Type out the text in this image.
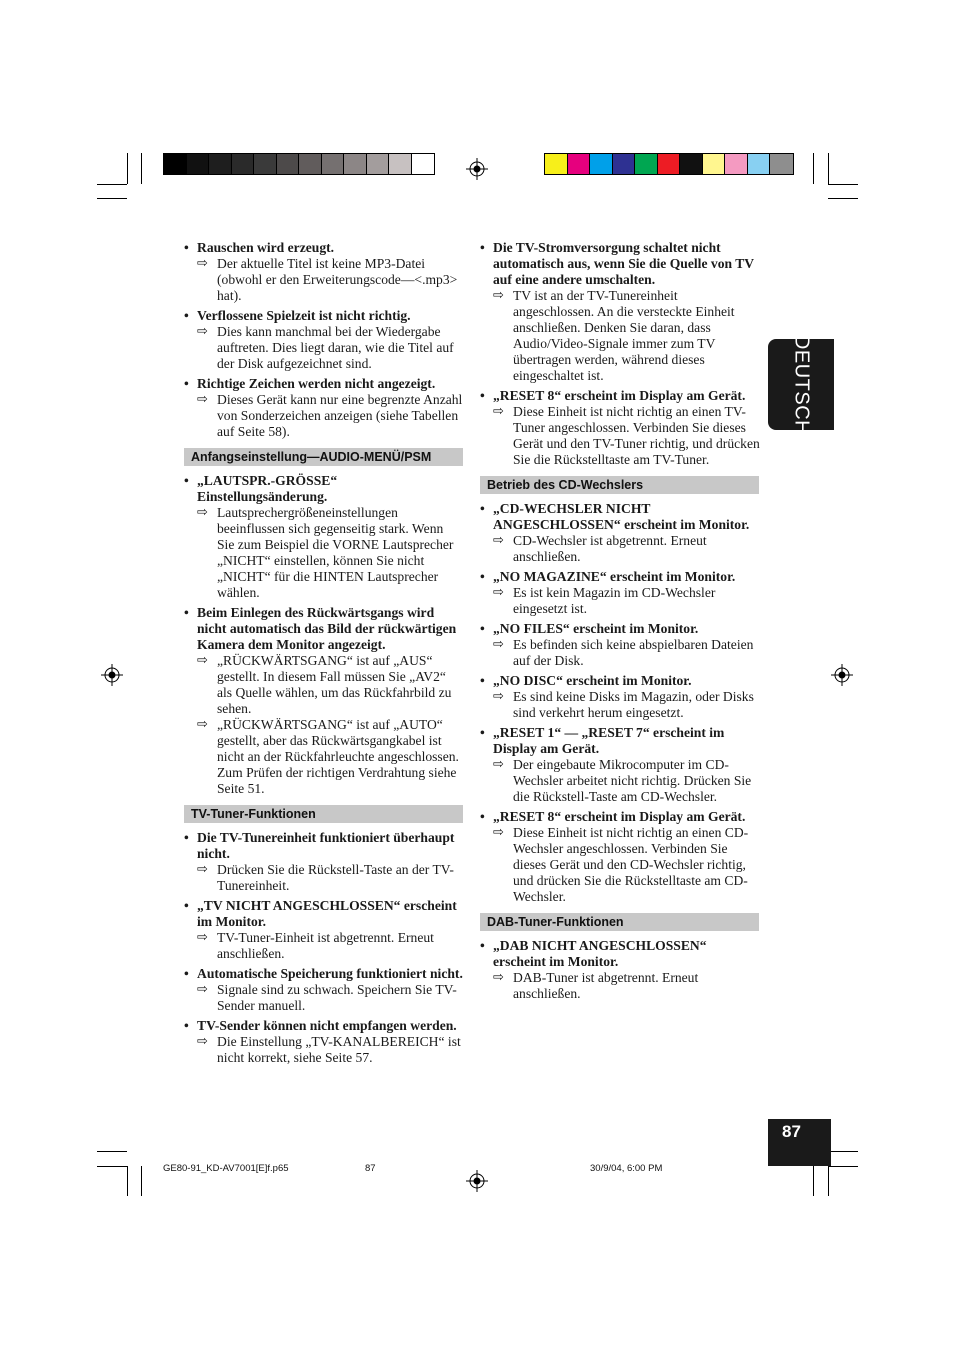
• Rauschen wird erzeugt.
⇨ Der aktuelle Titel ist keine MP3-Datei (obwohl er den Erweiterungscode—<.mp3> hat).
• Verflossene Spielzeit ist nicht richtig.
⇨ Dies kann manchmal bei der Wiedergabe auftreten. Dies liegt daran, wie die Titel auf der Disk aufgezeichnet sind.
• Richtige Zeichen werden nicht angezeigt.
⇨ Dieses Gerät kann nur eine begrenzte Anzahl von Sonderzeichen anzeigen (siehe Tabellen auf Seite 58).
Anfangseinstellung—AUDIO-MENÜ/PSM
• „LAUTSPR.-GRÖSSE“ Einstellungsänderung.
⇨ Lautsprechergrößeneinstellungen beeinflussen sich gegenseitig stark. Wenn Sie zum Beispiel die VORNE Lautsprecher „NICHT“ einstellen, können Sie nicht „NICHT“ für die HINTEN Lautsprecher wählen.
• Beim Einlegen des Rückwärtsgangs wird nicht automatisch das Bild der rückwärtigen Kamera dem Monitor angezeigt.
⇨ „RÜCKWÄRTSGANG“ ist auf „AUS“ gestellt. In diesem Fall müssen Sie „AV2“ als Quelle wählen, um das Rückfahrbild zu sehen.
⇨ „RÜCKWÄRTSGANG“ ist auf „AUTO“ gestellt, aber das Rückwärtsgangkabel ist nicht an der Rückfahrleuchte angeschlossen. Zum Prüfen der richtigen Verdrahtung siehe Seite 51.
TV-Tuner-Funktionen
• Die TV-Tunereinheit funktioniert überhaupt nicht.
⇨ Drücken Sie die Rückstell-Taste an der TV-Tunereinheit.
• „TV NICHT ANGESCHLOSSEN“ erscheint im Monitor.
⇨ TV-Tuner-Einheit ist abgetrennt. Erneut anschließen.
• Automatische Speicherung funktioniert nicht.
⇨ Signale sind zu schwach. Speichern Sie TV-Sender manuell.
• TV-Sender können nicht empfangen werden.
⇨ Die Einstellung „TV-KANALBEREICH“ ist nicht korrekt, siehe Seite 57.
• Die TV-Stromversorgung schaltet nicht automatisch aus, wenn Sie die Quelle von TV auf eine andere umschalten.
⇨ TV ist an der TV-Tunereinheit angeschlossen. An die versteckte Einheit anschließen. Denken Sie daran, dass Audio/Video-Signale immer zum TV übertragen werden, während dieses eingeschaltet ist.
• „RESET 8“ erscheint im Display am Gerät.
⇨ Diese Einheit ist nicht richtig an einen TV-Tuner angeschlossen. Verbinden Sie dieses Gerät und den TV-Tuner richtig, und drücken Sie die Rückstelltaste am TV-Tuner.
Betrieb des CD-Wechslers
• „CD-WECHSLER NICHT ANGESCHLOSSEN“ erscheint im Monitor.
⇨ CD-Wechsler ist abgetrennt. Erneut anschließen.
• „NO MAGAZINE“ erscheint im Monitor.
⇨ Es ist kein Magazin im CD-Wechsler eingesetzt ist.
• „NO FILES“ erscheint im Monitor.
⇨ Es befinden sich keine abspielbaren Dateien auf der Disk.
• „NO DISC“ erscheint im Monitor.
⇨ Es sind keine Disks im Magazin, oder Disks sind verkehrt herum eingesetzt.
• „RESET 1“ — „RESET 7“ erscheint im Display am Gerät.
⇨ Der eingebaute Mikrocomputer im CD-Wechsler arbeitet nicht richtig. Drücken Sie die Rückstell-Taste am CD-Wechsler.
• „RESET 8“ erscheint im Display am Gerät.
⇨ Diese Einheit ist nicht richtig an einen CD-Wechsler angeschlossen. Verbinden Sie dieses Gerät und den CD-Wechsler richtig, und drücken Sie die Rückstelltaste am CD-Wechsler.
DAB-Tuner-Funktionen
• „DAB NICHT ANGESCHLOSSEN“ erscheint im Monitor.
⇨ DAB-Tuner ist abgetrennt. Erneut anschließen.
DEUTSCH
87
GE80-91_KD-AV7001[E]f.p65	87	30/9/04, 6:00 PM
